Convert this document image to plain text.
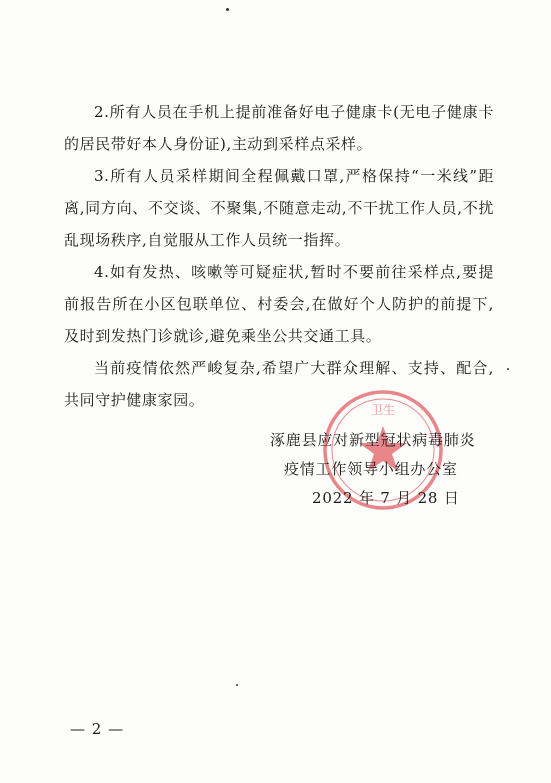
2.所有人员在手机上提前准备好电子健康卡(无电子健康卡的居民带好本人身份证),主动到采样点采样。

3.所有人员采样期间全程佩戴口罩,严格保持“一米线”距离,同方向、不交谈、不聚集,不随意走动,不干扰工作人员,不扰乱现场秩序,自觉服从工作人员统一指挥。

4.如有发热、咳嗽等可疑症状,暂时不要前往采样点,要提前报告所在小区包联单位、村委会,在做好个人防护的前提下,及时到发热门诊就诊,避免乘坐公共交通工具。

当前疫情依然严峻复杂,希望广大群众理解、支持、配合,共同守护健康家园。

卫生
涿鹿县应对新型冠状病毒肺炎
疫情工作领导小组办公室
2022 年 7 月 28 日
— 2 —
